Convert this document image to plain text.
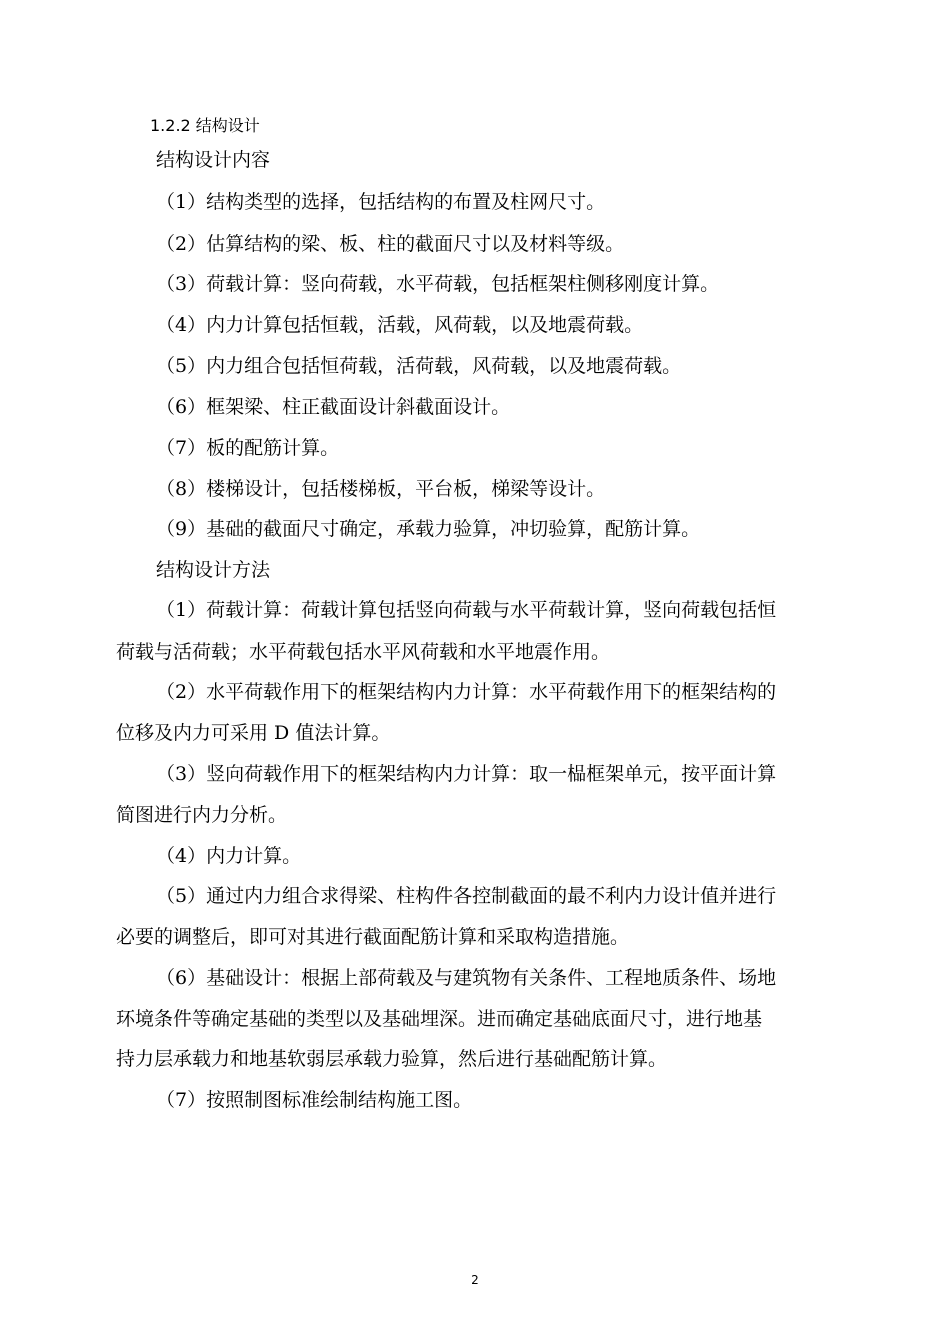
1.2.2 结构设计
结构设计内容
（1）结构类型的选择，包括结构的布置及柱网尺寸。
（2）估算结构的梁、板、柱的截面尺寸以及材料等级。
（3）荷载计算：竖向荷载，水平荷载，包括框架柱侧移刚度计算。
（4）内力计算包括恒载，活载，风荷载，以及地震荷载。
（5）内力组合包括恒荷载，活荷载，风荷载，以及地震荷载。
（6）框架梁、柱正截面设计斜截面设计。
（7）板的配筋计算。
（8）楼梯设计，包括楼梯板，平台板，梯梁等设计。
（9）基础的截面尺寸确定，承载力验算，冲切验算，配筋计算。
结构设计方法
（1）荷载计算：荷载计算包括竖向荷载与水平荷载计算，竖向荷载包括恒
荷载与活荷载；水平荷载包括水平风荷载和水平地震作用。
（2）水平荷载作用下的框架结构内力计算：水平荷载作用下的框架结构的
位移及内力可采用 D 值法计算。
（3）竖向荷载作用下的框架结构内力计算：取一榀框架单元，按平面计算
简图进行内力分析。
（4）内力计算。
（5）通过内力组合求得梁、柱构件各控制截面的最不利内力设计值并进行
必要的调整后，即可对其进行截面配筋计算和采取构造措施。
（6）基础设计：根据上部荷载及与建筑物有关条件、工程地质条件、场地
环境条件等确定基础的类型以及基础埋深。进而确定基础底面尺寸，进行地基
持力层承载力和地基软弱层承载力验算，然后进行基础配筋计算。
（7）按照制图标准绘制结构施工图。
2
